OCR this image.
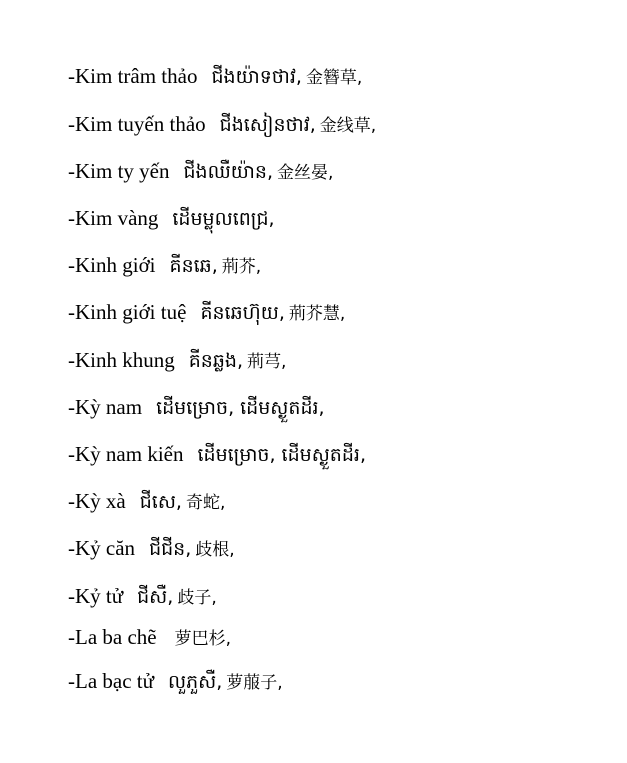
-Kim trâm thảo ជីងយ៉ាទថាវ, 金簪草,
-Kim tuyến thảo ជីងសៀនថាវ, 金线草,
-Kim ty yến ជីងឈឺយ៉ាន, 金丝晏,
-Kim vàng ដើមម្លុលពេជ្រ,
-Kinh giới គីនឆេ, 荊芥,
-Kinh giới tuệ គីនឆេហ៊ុយ, 荊芥慧,
-Kinh khung គីនឆ្លង, 荊芎,
-Kỳ nam ដើមម្រោច, ដើមស្ងួតដីរ,
-Kỳ nam kiến ដើមម្រោច, ដើមស្ងួតដីរ,
-Kỳ xà ជីសេ, 奇蛇,
-Kỷ căn ជីជីន, 歧根,
-Kỷ tử ជីសឺ, 歧子,
-La ba chẽ 萝巴杉,
-La bạc tử លួភួសឺ, 萝菔子,
